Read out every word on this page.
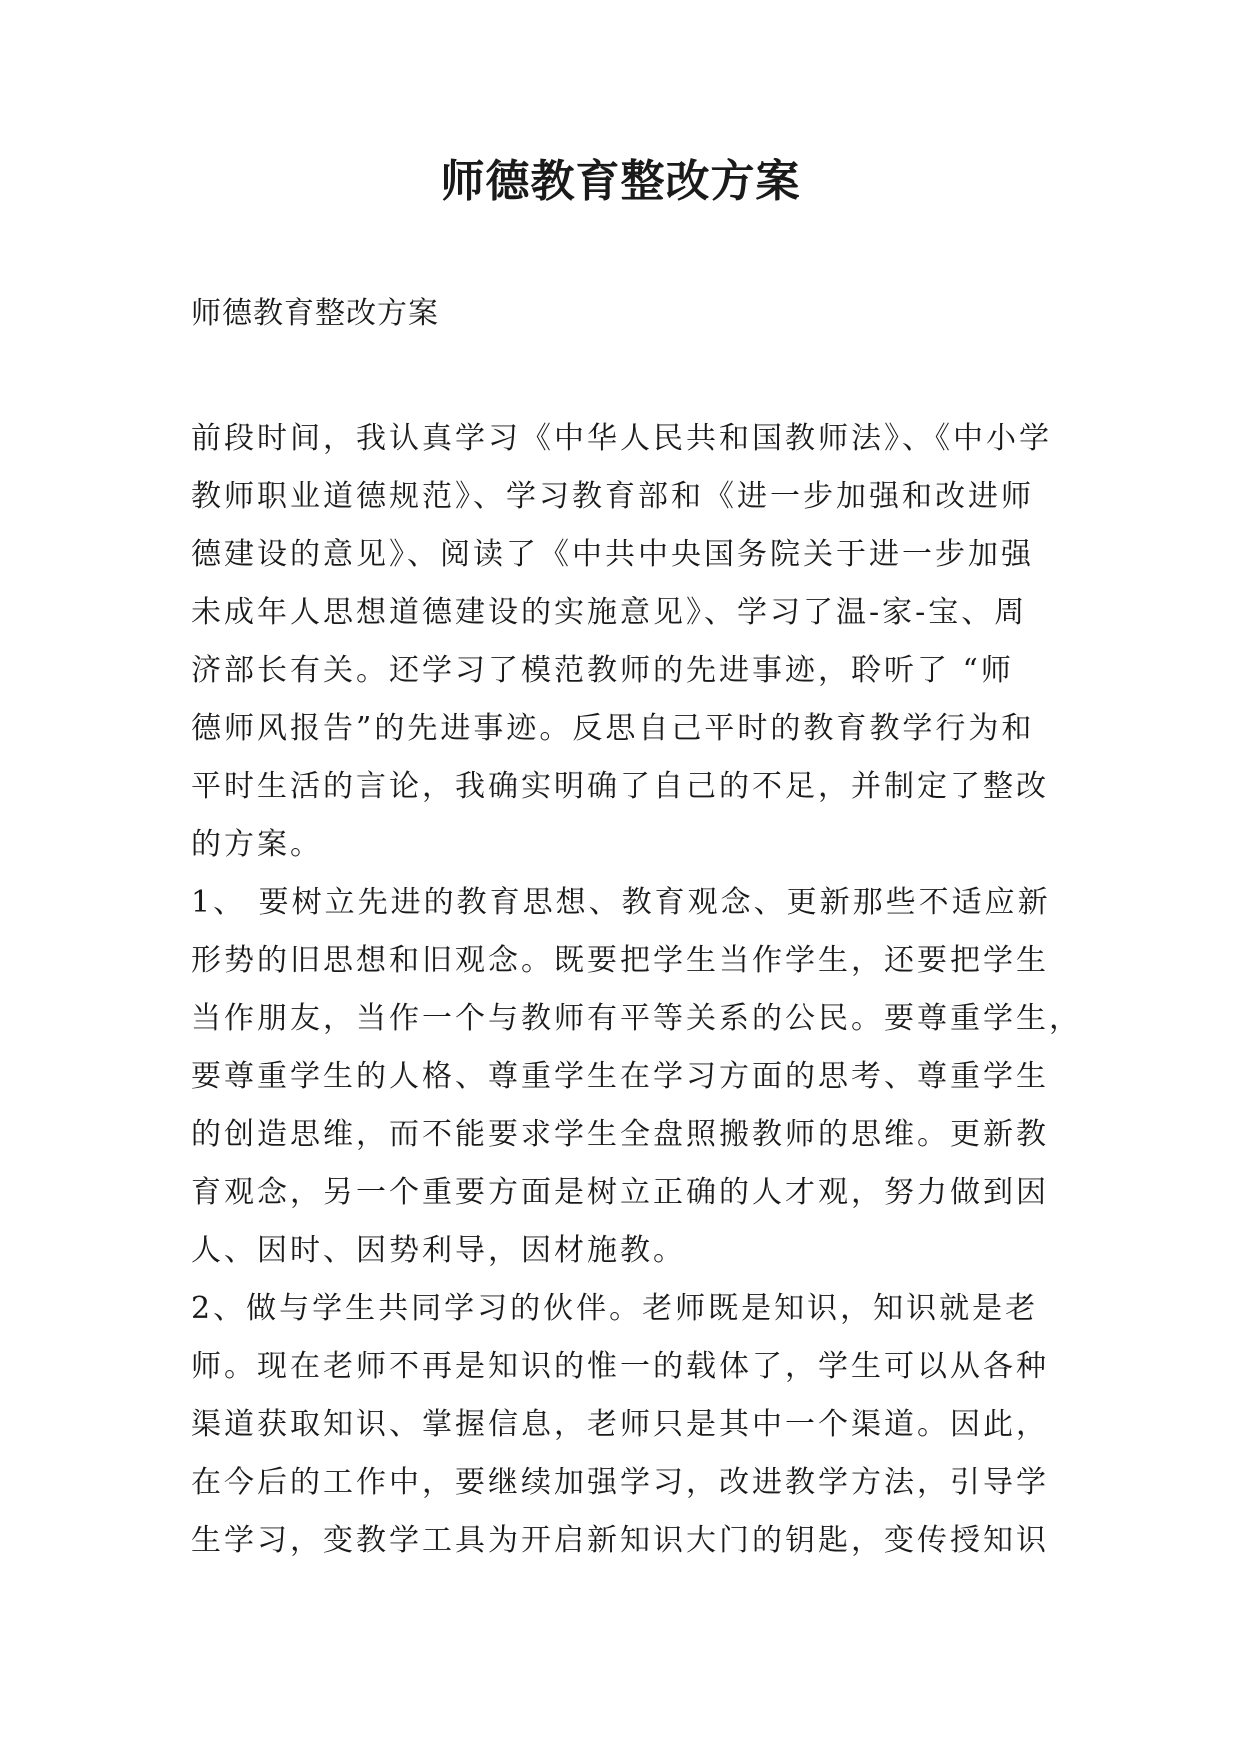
师德教育整改方案

师德教育整改方案

前段时间，我认真学习《中华人民共和国教师法》、《中小学
教师职业道德规范》、学习教育部和《进一步加强和改进师
德建设的意见》、阅读了《中共中央国务院关于进一步加强
未成年人思想道德建设的实施意见》、学习了温-家-宝、周
济部长有关。还学习了模范教师的先进事迹，聆听了 “师
德师风报告”的先进事迹。反思自己平时的教育教学行为和
平时生活的言论，我确实明确了自己的不足，并制定了整改
的方案。
1、 要树立先进的教育思想、教育观念、更新那些不适应新
形势的旧思想和旧观念。既要把学生当作学生，还要把学生
当作朋友，当作一个与教师有平等关系的公民。要尊重学生，
要尊重学生的人格、尊重学生在学习方面的思考、尊重学生
的创造思维，而不能要求学生全盘照搬教师的思维。更新教
育观念，另一个重要方面是树立正确的人才观，努力做到因
人、因时、因势利导，因材施教。
2、做与学生共同学习的伙伴。老师既是知识，知识就是老
师。现在老师不再是知识的惟一的载体了，学生可以从各种
渠道获取知识、掌握信息，老师只是其中一个渠道。因此，
在今后的工作中，要继续加强学习，改进教学方法，引导学
生学习，变教学工具为开启新知识大门的钥匙，变传授知识
